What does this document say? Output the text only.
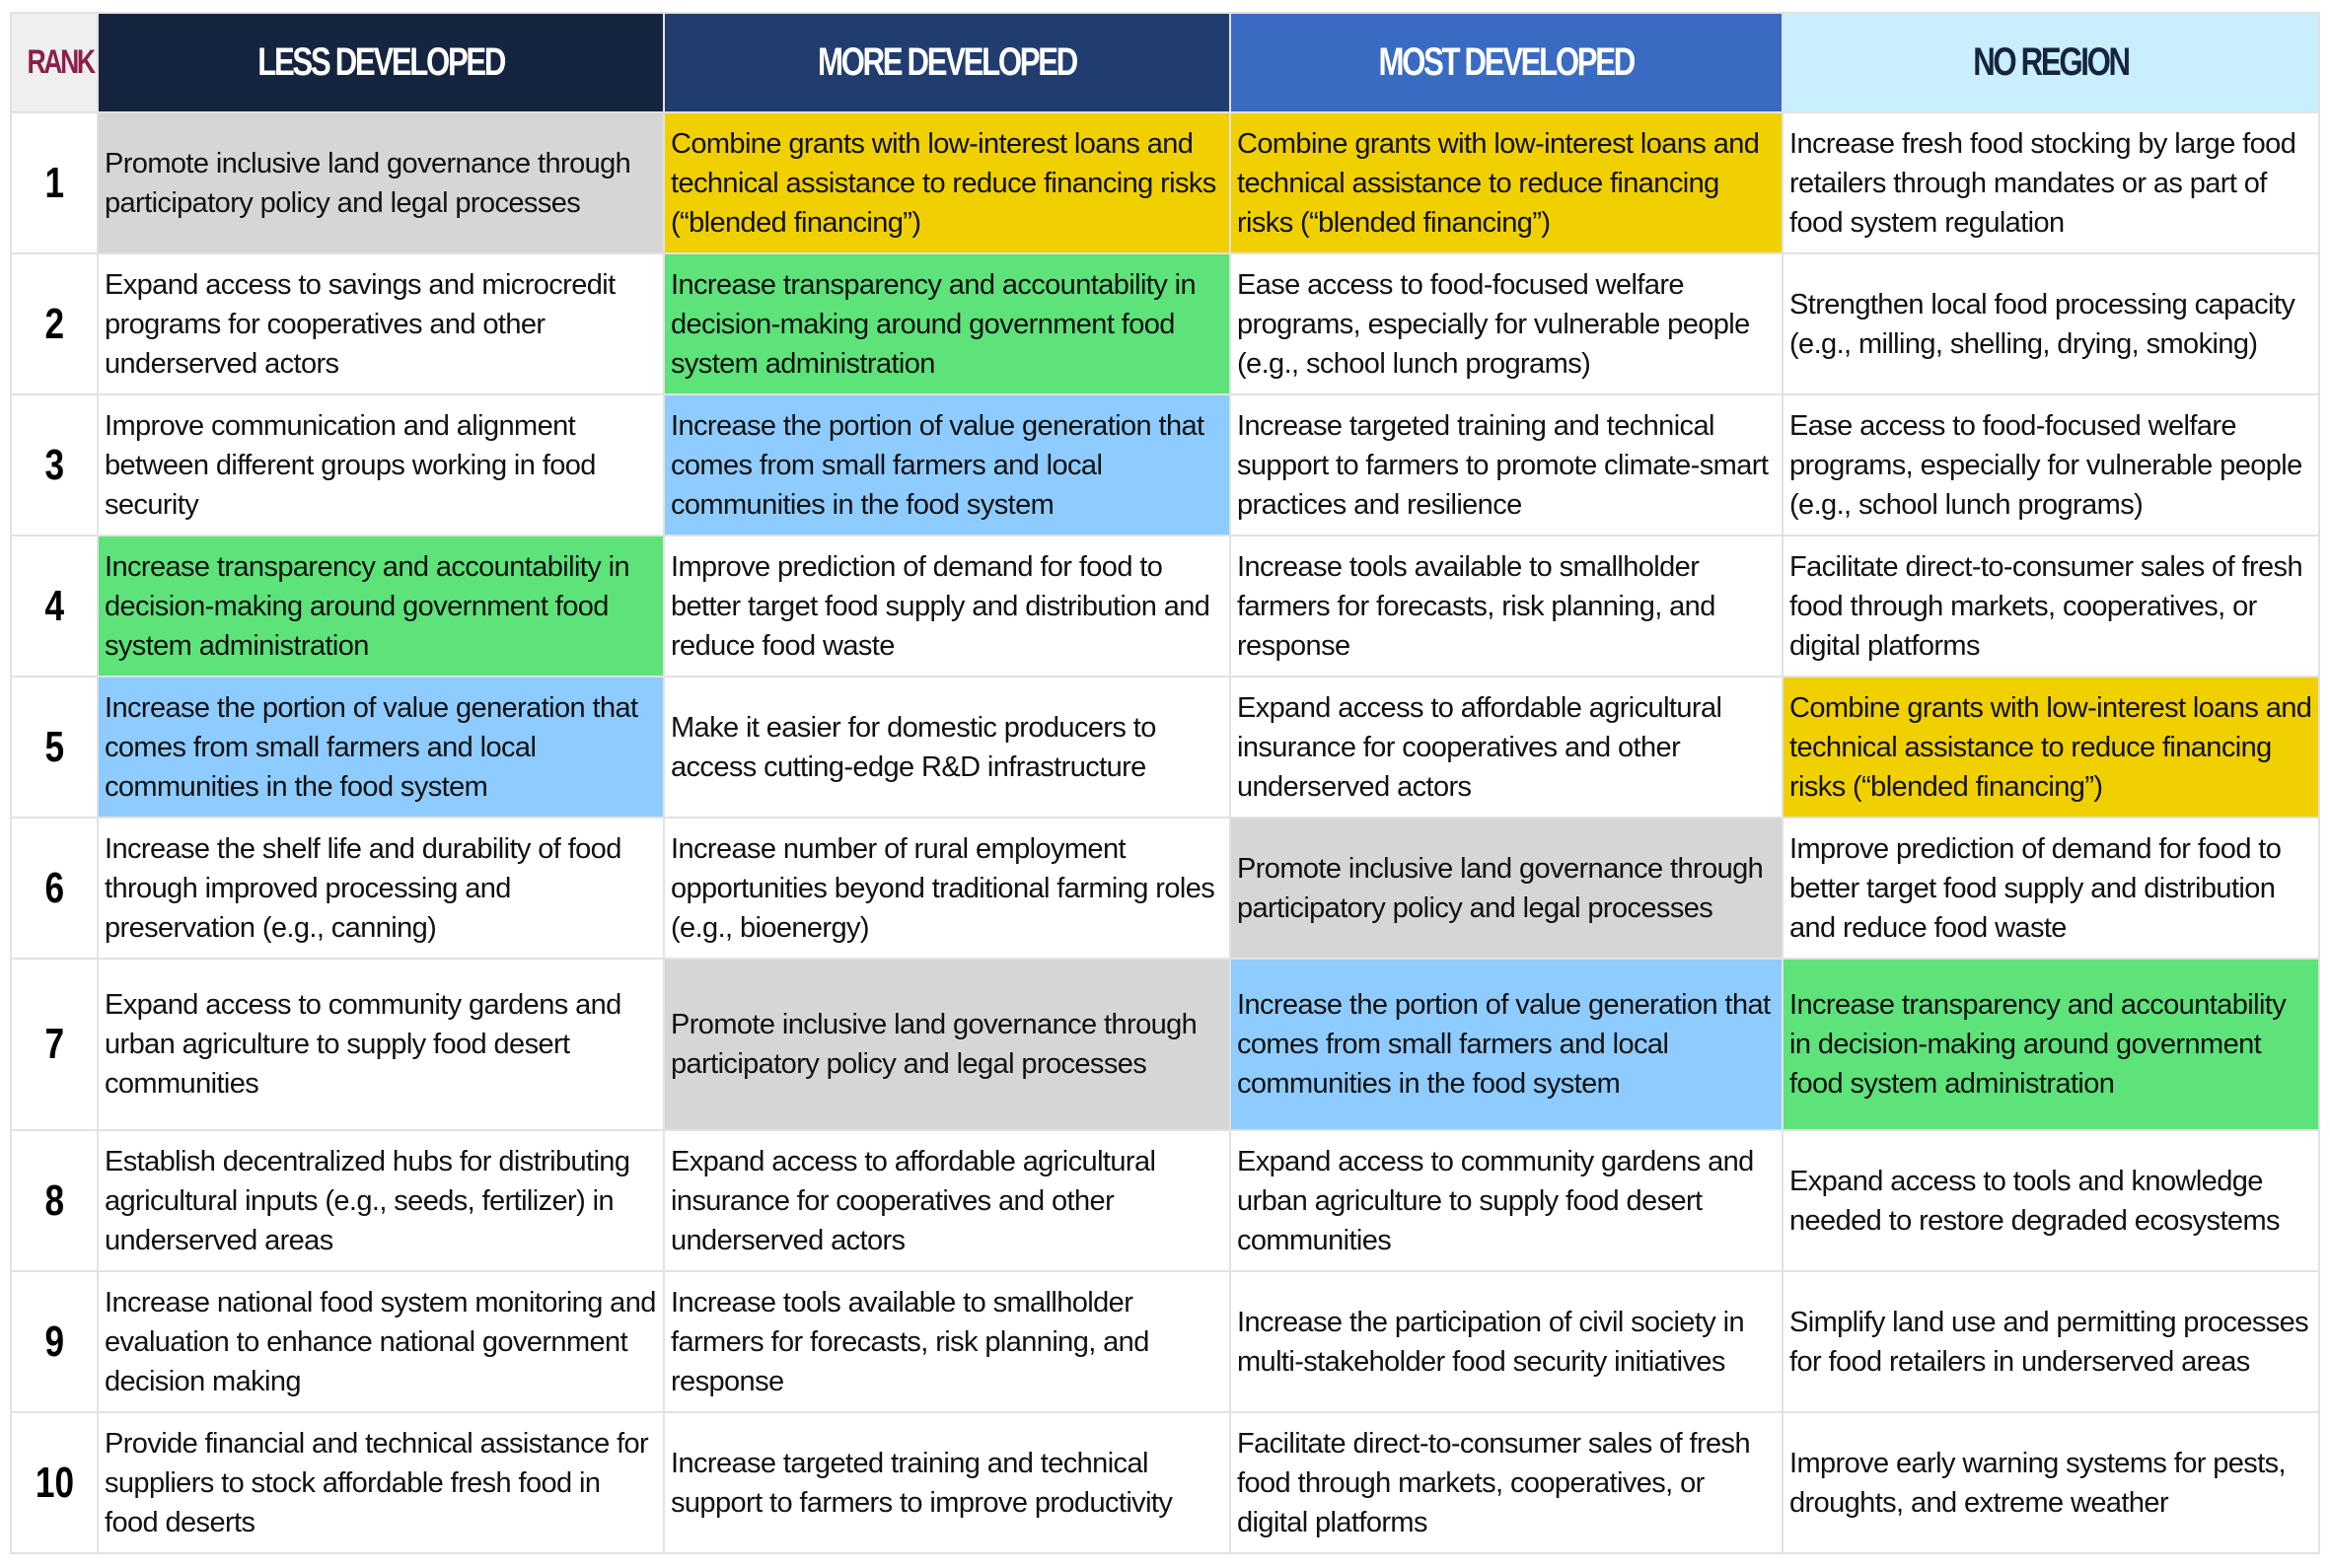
RANK	LESS DEVELOPED	MORE DEVELOPED	MOST DEVELOPED	NO REGION
1	Promote inclusive land governance through participatory policy and legal processes	Combine grants with low-interest loans and technical assistance to reduce financing risks (“blended financing”)	Combine grants with low-interest loans and technical assistance to reduce financing risks (“blended financing”)	Increase fresh food stocking by large food retailers through mandates or as part of food system regulation
2	Expand access to savings and microcredit programs for cooperatives and other underserved actors	Increase transparency and accountability in decision-making around government food system administration	Ease access to food-focused welfare programs, especially for vulnerable people (e.g., school lunch programs)	Strengthen local food processing capacity (e.g., milling, shelling, drying, smoking)
3	Improve communication and alignment between different groups working in food security	Increase the portion of value generation that comes from small farmers and local communities in the food system	Increase targeted training and technical support to farmers to promote climate-smart practices and resilience	Ease access to food-focused welfare programs, especially for vulnerable people (e.g., school lunch programs)
4	Increase transparency and accountability in decision-making around government food system administration	Improve prediction of demand for food to better target food supply and distribution and reduce food waste	Increase tools available to smallholder farmers for forecasts, risk planning, and response	Facilitate direct-to-consumer sales of fresh food through markets, cooperatives, or digital platforms
5	Increase the portion of value generation that comes from small farmers and local communities in the food system	Make it easier for domestic producers to access cutting-edge R&D infrastructure	Expand access to affordable agricultural insurance for cooperatives and other underserved actors	Combine grants with low-interest loans and technical assistance to reduce financing risks (“blended financing”)
6	Increase the shelf life and durability of food through improved processing and preservation (e.g., canning)	Increase number of rural employment opportunities beyond traditional farming roles (e.g., bioenergy)	Promote inclusive land governance through participatory policy and legal processes	Improve prediction of demand for food to better target food supply and distribution and reduce food waste
7	Expand access to community gardens and urban agriculture to supply food desert communities	Promote inclusive land governance through participatory policy and legal processes	Increase the portion of value generation that comes from small farmers and local communities in the food system	Increase transparency and accountability in decision-making around government food system administration
8	Establish decentralized hubs for distributing agricultural inputs (e.g., seeds, fertilizer) in underserved areas	Expand access to affordable agricultural insurance for cooperatives and other underserved actors	Expand access to community gardens and urban agriculture to supply food desert communities	Expand access to tools and knowledge needed to restore degraded ecosystems
9	Increase national food system monitoring and evaluation to enhance national government decision making	Increase tools available to smallholder farmers for forecasts, risk planning, and response	Increase the participation of civil society in multi-stakeholder food security initiatives	Simplify land use and permitting processes for food retailers in underserved areas
10	Provide financial and technical assistance for suppliers to stock affordable fresh food in food deserts	Increase targeted training and technical support to farmers to improve productivity	Facilitate direct-to-consumer sales of fresh food through markets, cooperatives, or digital platforms	Improve early warning systems for pests, droughts, and extreme weather
